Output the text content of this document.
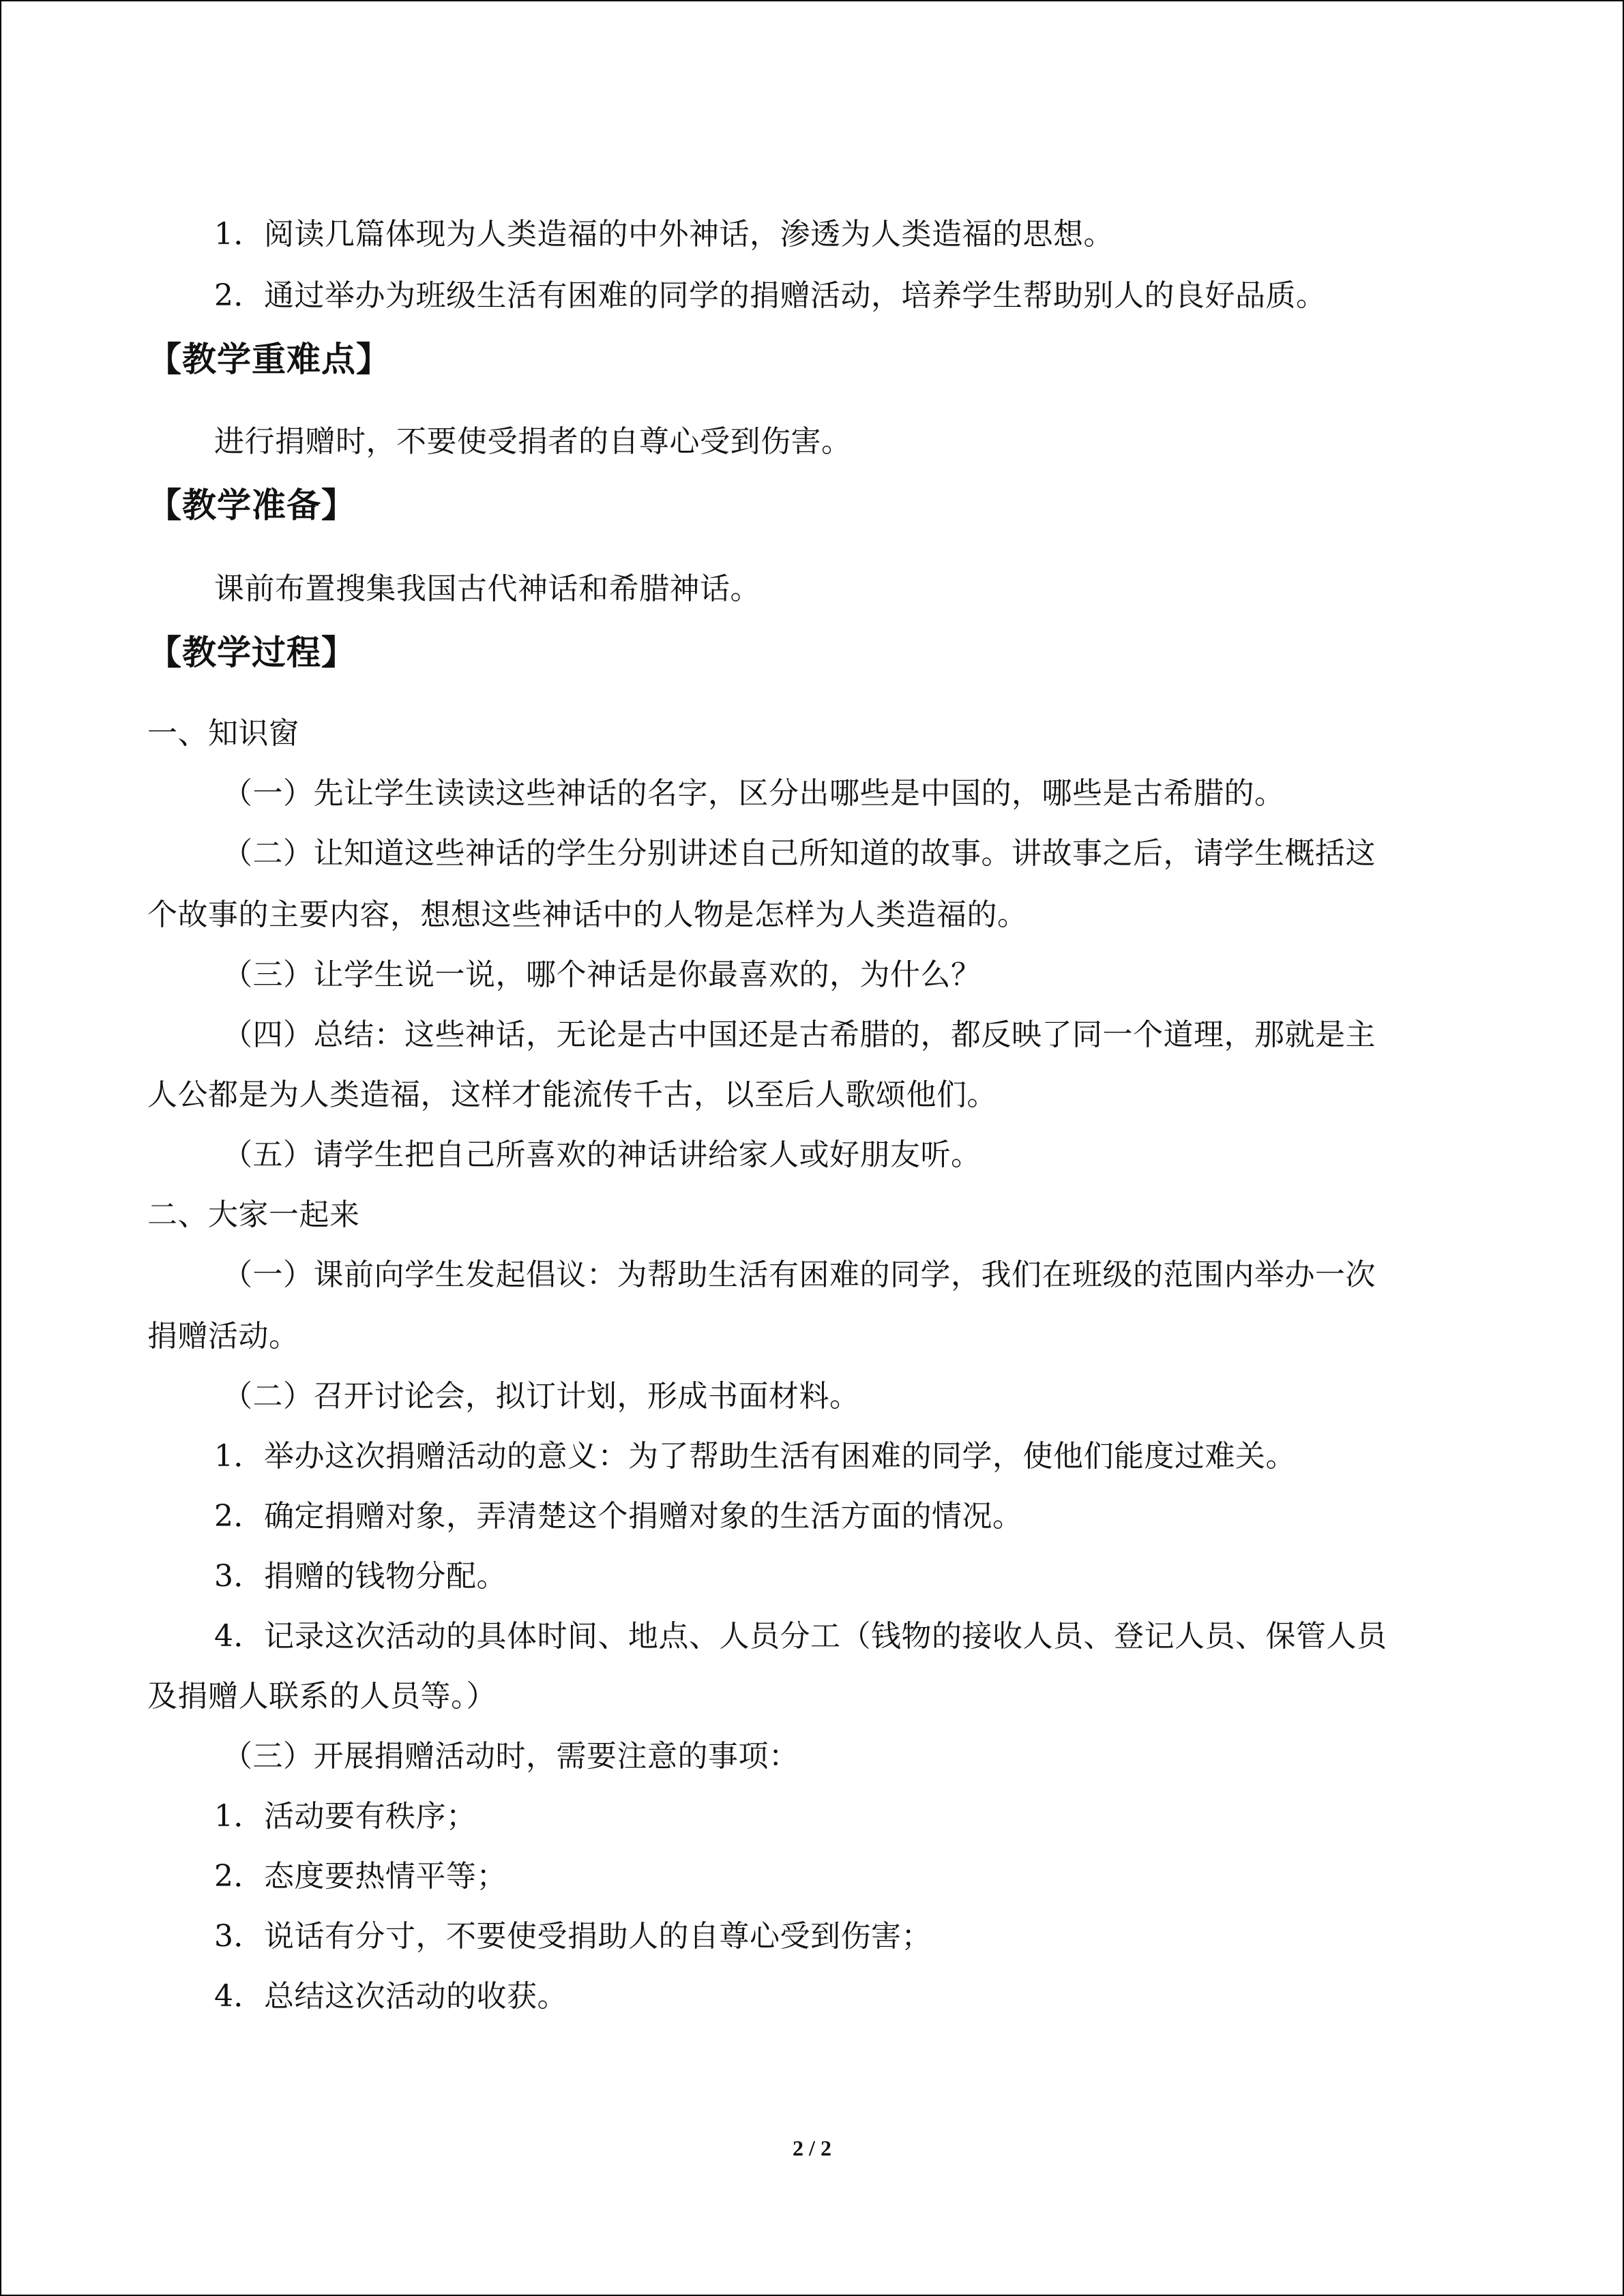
1．阅读几篇体现为人类造福的中外神话，渗透为人类造福的思想。
2．通过举办为班级生活有困难的同学的捐赠活动，培养学生帮助别人的良好品质。
【教学重难点】
进行捐赠时，不要使受捐者的自尊心受到伤害。
【教学准备】
课前布置搜集我国古代神话和希腊神话。
【教学过程】
一、知识窗
（一）先让学生读读这些神话的名字，区分出哪些是中国的，哪些是古希腊的。
（二）让知道这些神话的学生分别讲述自己所知道的故事。讲故事之后，请学生概括这
个故事的主要内容，想想这些神话中的人物是怎样为人类造福的。
（三）让学生说一说，哪个神话是你最喜欢的，为什么？
（四）总结：这些神话，无论是古中国还是古希腊的，都反映了同一个道理，那就是主
人公都是为人类造福，这样才能流传千古，以至后人歌颂他们。
（五）请学生把自己所喜欢的神话讲给家人或好朋友听。
二、大家一起来
（一）课前向学生发起倡议：为帮助生活有困难的同学，我们在班级的范围内举办一次
捐赠活动。
（二）召开讨论会，拟订计划，形成书面材料。
1．举办这次捐赠活动的意义：为了帮助生活有困难的同学，使他们能度过难关。
2．确定捐赠对象，弄清楚这个捐赠对象的生活方面的情况。
3．捐赠的钱物分配。
4．记录这次活动的具体时间、地点、人员分工（钱物的接收人员、登记人员、保管人员
及捐赠人联系的人员等。）
（三）开展捐赠活动时，需要注意的事项：
1．活动要有秩序；
2．态度要热情平等；
3．说话有分寸，不要使受捐助人的自尊心受到伤害；
4．总结这次活动的收获。
2 / 2
